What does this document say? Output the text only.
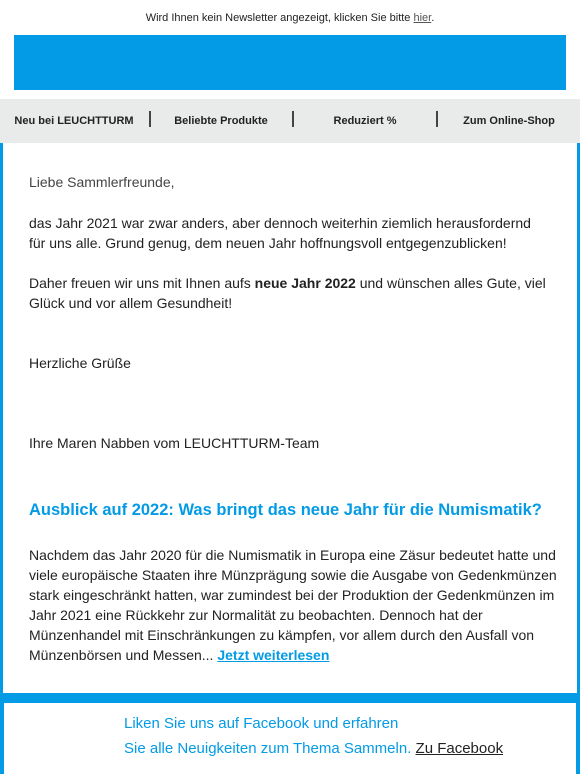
Wird Ihnen kein Newsletter angezeigt, klicken Sie bitte hier.
Neu bei LEUCHTTURM	Beliebte Produkte	Reduziert %	Zum Online-Shop
Liebe Sammlerfreunde,
das Jahr 2021 war zwar anders, aber dennoch weiterhin ziemlich herausfordernd für uns alle. Grund genug, dem neuen Jahr hoffnungsvoll entgegenzublicken!
Daher freuen wir uns mit Ihnen aufs neue Jahr 2022 und wünschen alles Gute, viel Glück und vor allem Gesundheit!
Herzliche Grüße
Ihre Maren Nabben vom LEUCHTTURM-Team
Ausblick auf 2022: Was bringt das neue Jahr für die Numismatik?
Nachdem das Jahr 2020 für die Numismatik in Europa eine Zäsur bedeutet hatte und viele europäische Staaten ihre Münzprägung sowie die Ausgabe von Gedenkmünzen stark eingeschränkt hatten, war zumindest bei der Produktion der Gedenkmünzen im Jahr 2021 eine Rückkehr zur Normalität zu beobachten. Dennoch hat der Münzenhandel mit Einschränkungen zu kämpfen, vor allem durch den Ausfall von Münzenbörsen und Messen... Jetzt weiterlesen
Liken Sie uns auf Facebook und erfahren
Sie alle Neuigkeiten zum Thema Sammeln. Zu Facebook
